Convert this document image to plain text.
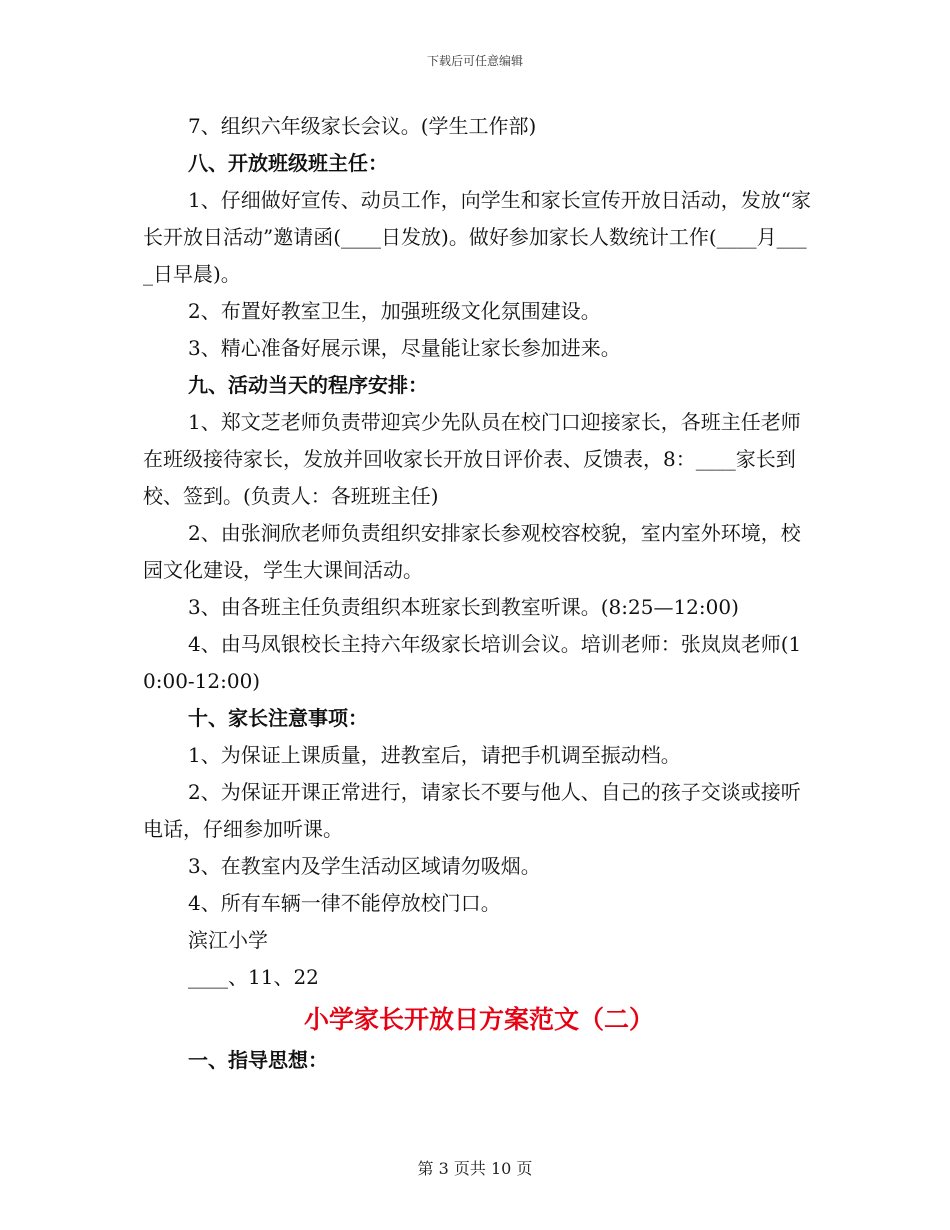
下载后可任意编辑

7、组织六年级家长会议。(学生工作部)

八、开放班级班主任：

1、仔细做好宣传、动员工作，向学生和家长宣传开放日活动，发放“家长开放日活动”邀请函(____日发放)。做好参加家长人数统计工作(____月____日早晨)。

2、布置好教室卫生，加强班级文化氛围建设。

3、精心准备好展示课，尽量能让家长参加进来。

九、活动当天的程序安排：

1、郑文芝老师负责带迎宾少先队员在校门口迎接家长，各班主任老师在班级接待家长，发放并回收家长开放日评价表、反馈表，8：____家长到校、签到。(负责人：各班班主任)

2、由张涧欣老师负责组织安排家长参观校容校貌，室内室外环境，校园文化建设，学生大课间活动。

3、由各班主任负责组织本班家长到教室听课。(8:25—12:00)

4、由马凤银校长主持六年级家长培训会议。培训老师：张岚岚老师(10:00-12:00)

十、家长注意事项：

1、为保证上课质量，进教室后，请把手机调至振动档。

2、为保证开课正常进行，请家长不要与他人、自己的孩子交谈或接听电话，仔细参加听课。

3、在教室内及学生活动区域请勿吸烟。

4、所有车辆一律不能停放校门口。

滨江小学

____、11、22

小学家长开放日方案范文（二）

一、指导思想：

第 3 页共 10 页
